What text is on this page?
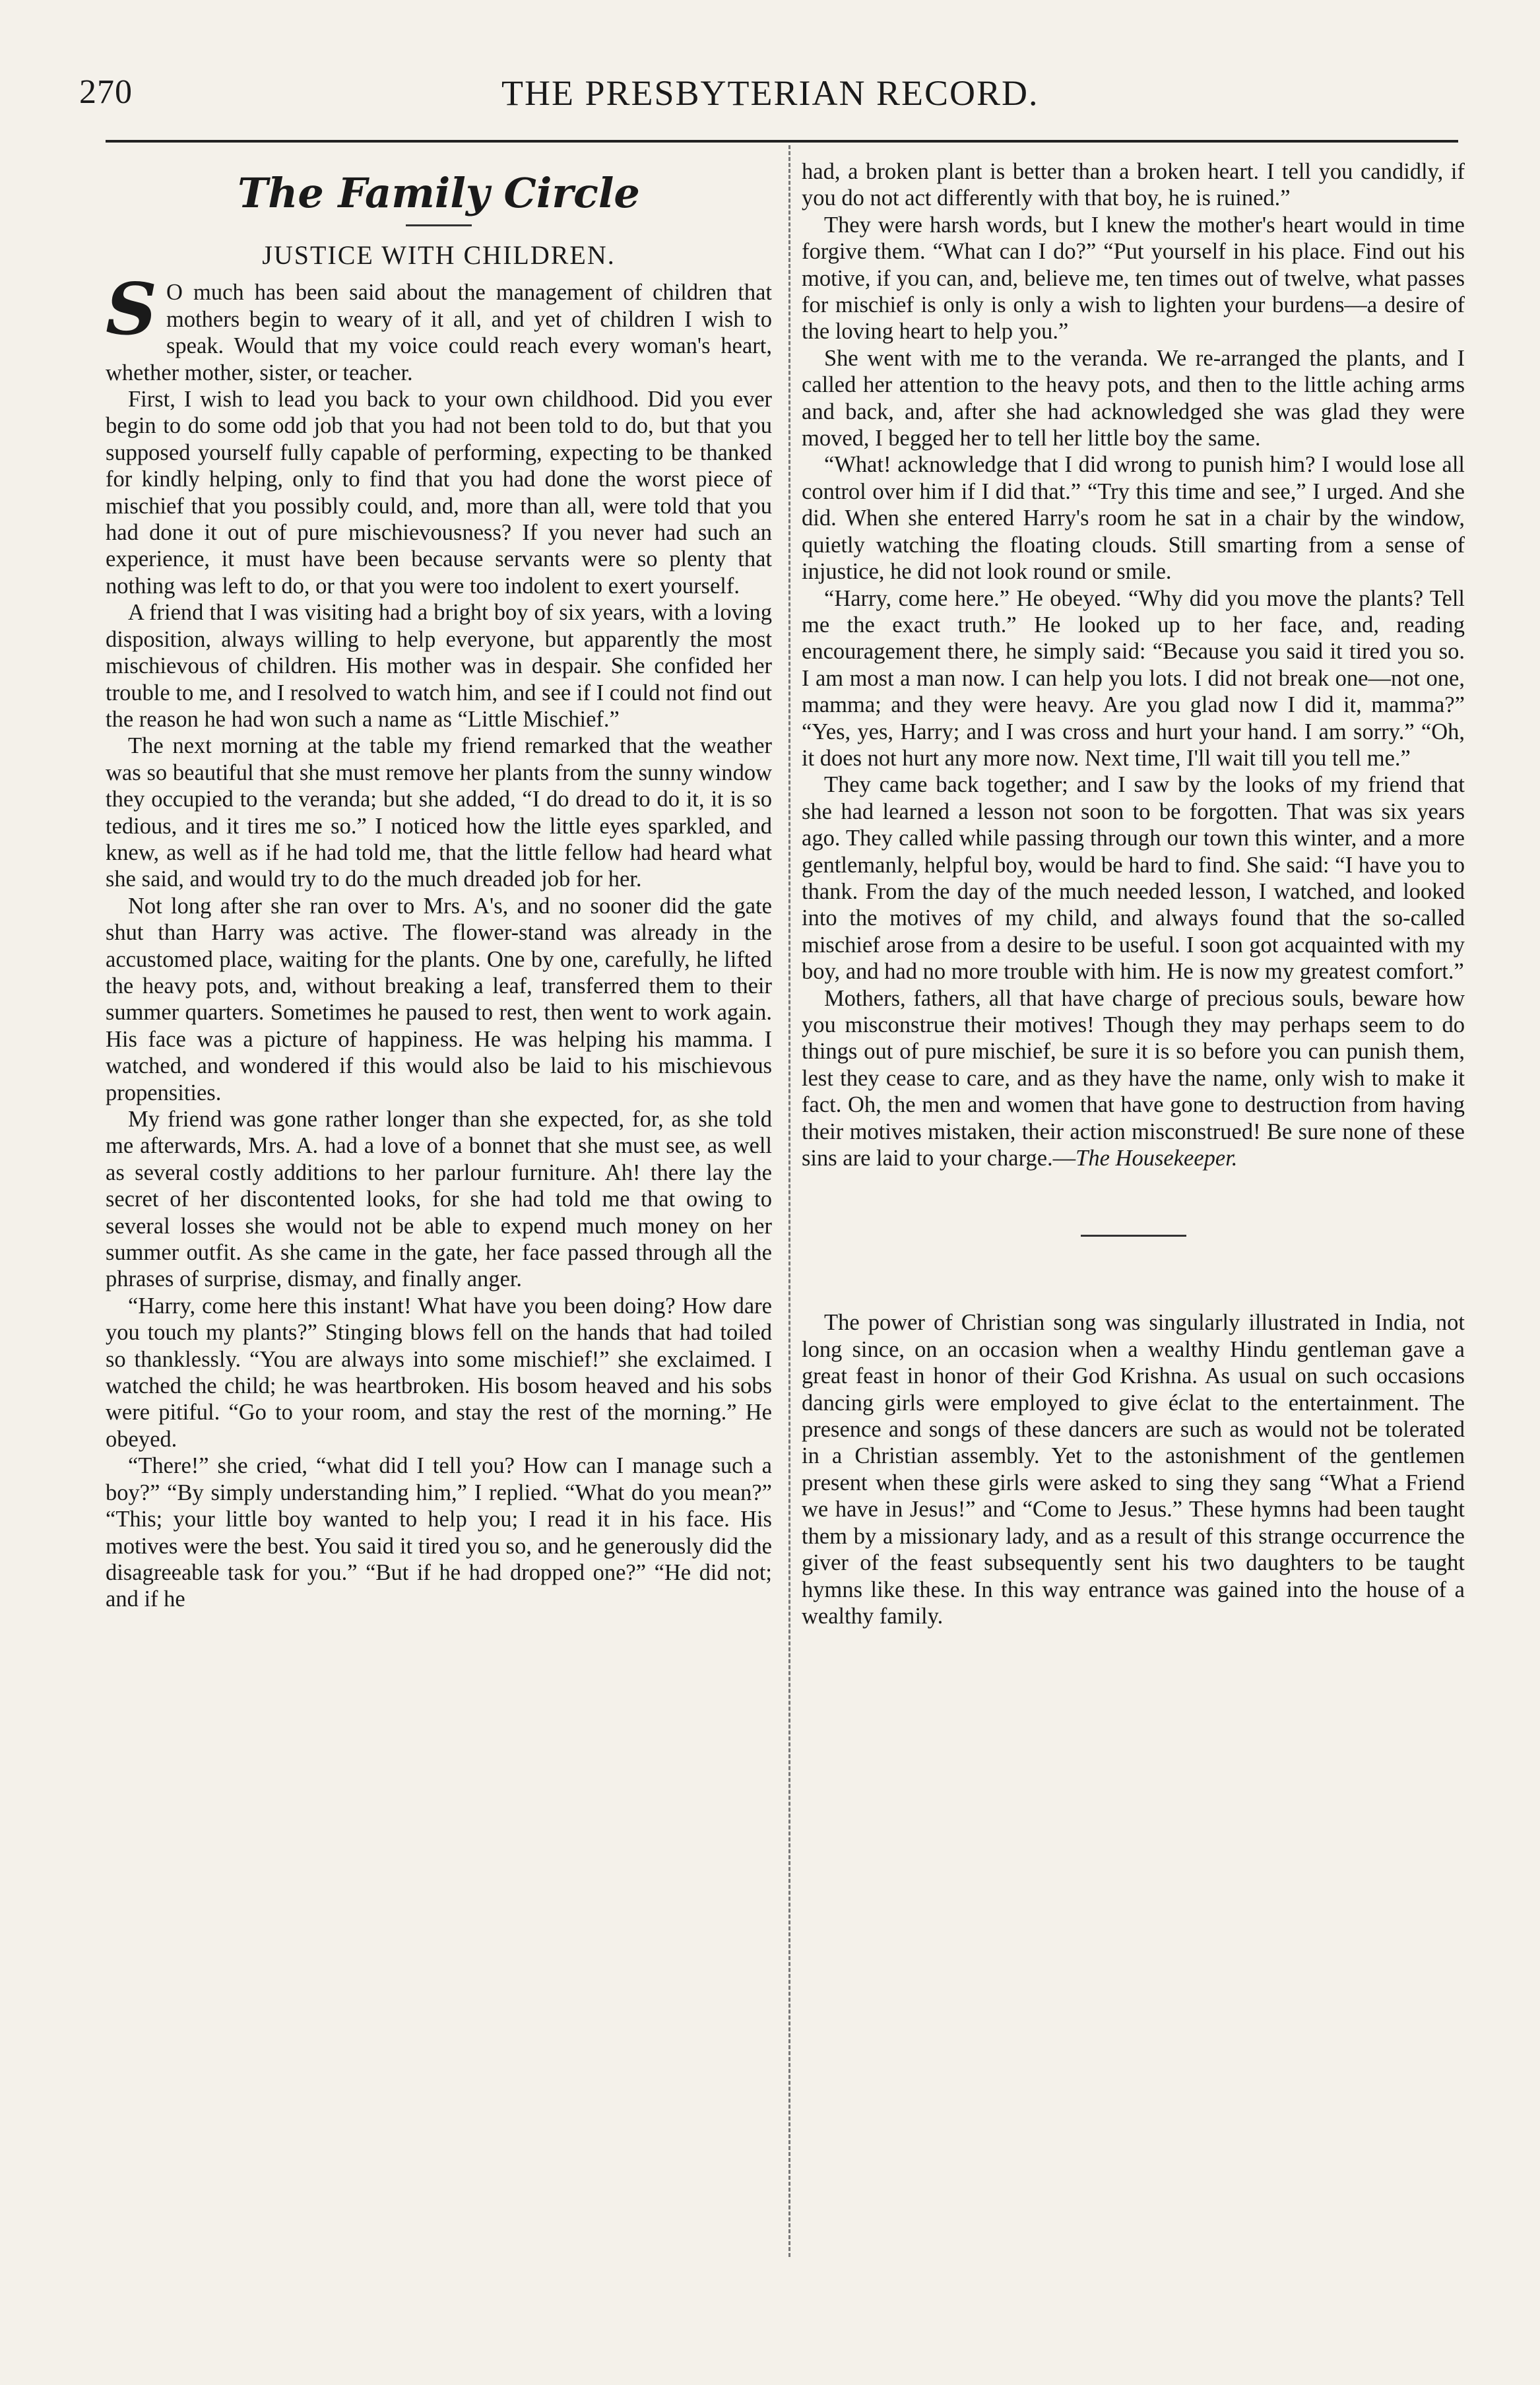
270	THE PRESBYTERIAN RECORD.
The Family Circle
JUSTICE WITH CHILDREN.

S O much has been said about the management of children that mothers begin to weary of it all, and yet of children I wish to speak. Would that my voice could reach every woman's heart, whether mother, sister, or teacher.

First, I wish to lead you back to your own childhood. Did you ever begin to do some odd job that you had not been told to do, but that you supposed yourself fully capable of performing, expecting to be thanked for kindly helping, only to find that you had done the worst piece of mischief that you possibly could, and, more than all, were told that you had done it out of pure mischievousness? If you never had such an experience, it must have been because servants were so plenty that nothing was left to do, or that you were too indolent to exert yourself.

A friend that I was visiting had a bright boy of six years, with a loving disposition, always willing to help everyone, but apparently the most mischievous of children. His mother was in despair. She confided her trouble to me, and I resolved to watch him, and see if I could not find out the reason he had won such a name as “Little Mischief.”

The next morning at the table my friend remarked that the weather was so beautiful that she must remove her plants from the sunny window they occupied to the veranda; but she added, “I do dread to do it, it is so tedious, and it tires me so.” I noticed how the little eyes sparkled, and knew, as well as if he had told me, that the little fellow had heard what she said, and would try to do the much dreaded job for her.

Not long after she ran over to Mrs. A's, and no sooner did the gate shut than Harry was active. The flower-stand was already in the accustomed place, waiting for the plants. One by one, carefully, he lifted the heavy pots, and, without breaking a leaf, transferred them to their summer quarters. Sometimes he paused to rest, then went to work again. His face was a picture of happiness. He was helping his mamma. I watched, and wondered if this would also be laid to his mischievous propensities.

My friend was gone rather longer than she expected, for, as she told me afterwards, Mrs. A. had a love of a bonnet that she must see, as well as several costly additions to her parlour furniture. Ah! there lay the secret of her discontented looks, for she had told me that owing to several losses she would not be able to expend much money on her summer outfit. As she came in the gate, her face passed through all the phrases of surprise, dismay, and finally anger.

“Harry, come here this instant! What have you been doing? How dare you touch my plants?” Stinging blows fell on the hands that had toiled so thanklessly. “You are always into some mischief!” she exclaimed. I watched the child; he was heartbroken. His bosom heaved and his sobs were pitiful. “Go to your room, and stay the rest of the morning.” He obeyed.

“There!” she cried, “what did I tell you? How can I manage such a boy?” “By simply understanding him,” I replied. “What do you mean?” “This; your little boy wanted to help you; I read it in his face. His motives were the best. You said it tired you so, and he generously did the disagreeable task for you.” “But if he had dropped one?” “He did not; and if he

had, a broken plant is better than a broken heart. I tell you candidly, if you do not act differently with that boy, he is ruined.”

They were harsh words, but I knew the mother's heart would in time forgive them. “What can I do?” “Put yourself in his place. Find out his motive, if you can, and, believe me, ten times out of twelve, what passes for mischief is only is only a wish to lighten your burdens—a desire of the loving heart to help you.”

She went with me to the veranda. We re-arranged the plants, and I called her attention to the heavy pots, and then to the little aching arms and back, and, after she had acknowledged she was glad they were moved, I begged her to tell her little boy the same.

“What! acknowledge that I did wrong to punish him? I would lose all control over him if I did that.” “Try this time and see,” I urged. And she did. When she entered Harry's room he sat in a chair by the window, quietly watching the floating clouds. Still smarting from a sense of injustice, he did not look round or smile.

“Harry, come here.” He obeyed. “Why did you move the plants? Tell me the exact truth.” He looked up to her face, and, reading encouragement there, he simply said: “Because you said it tired you so. I am most a man now. I can help you lots. I did not break one—not one, mamma; and they were heavy. Are you glad now I did it, mamma?” “Yes, yes, Harry; and I was cross and hurt your hand. I am sorry.” “Oh, it does not hurt any more now. Next time, I'll wait till you tell me.”

They came back together; and I saw by the looks of my friend that she had learned a lesson not soon to be forgotten. That was six years ago. They called while passing through our town this winter, and a more gentlemanly, helpful boy, would be hard to find. She said: “I have you to thank. From the day of the much needed lesson, I watched, and looked into the motives of my child, and always found that the so-called mischief arose from a desire to be useful. I soon got acquainted with my boy, and had no more trouble with him. He is now my greatest comfort.”

Mothers, fathers, all that have charge of precious souls, beware how you misconstrue their motives! Though they may perhaps seem to do things out of pure mischief, be sure it is so before you can punish them, lest they cease to care, and as they have the name, only wish to make it fact. Oh, the men and women that have gone to destruction from having their motives mistaken, their action misconstrued! Be sure none of these sins are laid to your charge.—The Housekeeper.

The power of Christian song was singularly illustrated in India, not long since, on an occasion when a wealthy Hindu gentleman gave a great feast in honor of their God Krishna. As usual on such occasions dancing girls were employed to give éclat to the entertainment. The presence and songs of these dancers are such as would not be tolerated in a Christian assembly. Yet to the astonishment of the gentlemen present when these girls were asked to sing they sang “What a Friend we have in Jesus!” and “Come to Jesus.” These hymns had been taught them by a missionary lady, and as a result of this strange occurrence the giver of the feast subsequently sent his two daughters to be taught hymns like these. In this way entrance was gained into the house of a wealthy family.
